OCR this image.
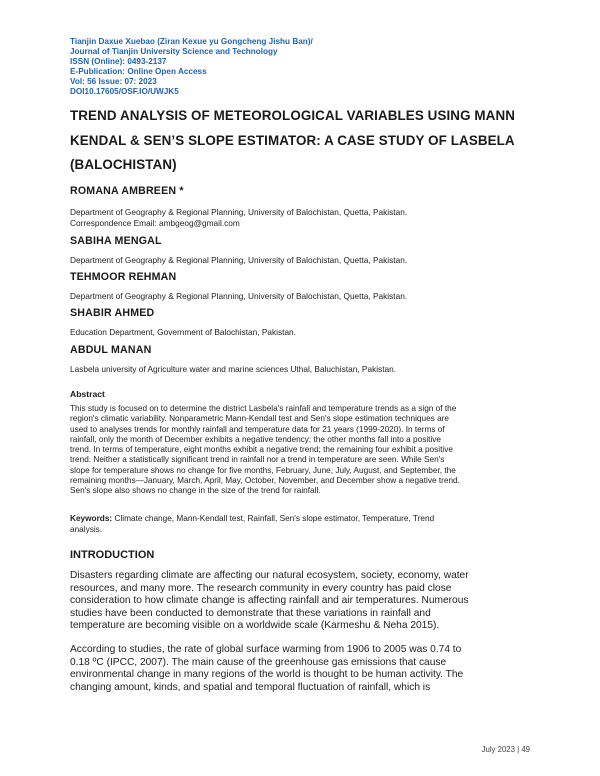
Tianjin Daxue Xuebao (Ziran Kexue yu Gongcheng Jishu Ban)/
Journal of Tianjin University Science and Technology
ISSN (Online): 0493-2137
E-Publication: Online Open Access
Vol: 56 Issue: 07: 2023
DOI10.17605/OSF.IO/UWJK5
TREND ANALYSIS OF METEOROLOGICAL VARIABLES USING MANN
KENDAL & SEN’S SLOPE ESTIMATOR: A CASE STUDY OF LASBELA
(BALOCHISTAN)
ROMANA AMBREEN *
Department of Geography & Regional Planning, University of Balochistan, Quetta, Pakistan.
Correspondence Email: ambgeog@gmail.com
SABIHA MENGAL
Department of Geography & Regional Planning, University of Balochistan, Quetta, Pakistan.
TEHMOOR REHMAN
Department of Geography & Regional Planning, University of Balochistan, Quetta, Pakistan.
SHABIR AHMED
Education Department, Government of Balochistan, Pakistan.
ABDUL MANAN
Lasbela university of Agriculture water and marine sciences Uthal, Baluchistan, Pakistan.
Abstract
This study is focused on to determine the district Lasbela's rainfall and temperature trends as a sign of the
region's climatic variability. Nonparametric Mann-Kendall test and Sen's slope estimation techniques are
used to analyses trends for monthly rainfall and temperature data for 21 years (1999-2020). In terms of
rainfall, only the month of December exhibits a negative tendency; the other months fall into a positive
trend. In terms of temperature, eight months exhibit a negative trend; the remaining four exhibit a positive
trend. Neither a statistically significant trend in rainfall nor a trend in temperature are seen. While Sen's
slope for temperature shows no change for five months, February, June, July, August, and September, the
remaining months—January, March, April, May, October, November, and December show a negative trend.
Sen's slope also shows no change in the size of the trend for rainfall.
Keywords: Climate change, Mann-Kendall test, Rainfall, Sen's slope estimator, Temperature, Trend
analysis.
INTRODUCTION
Disasters regarding climate are affecting our natural ecosystem, society, economy, water
resources, and many more. The research community in every country has paid close
consideration to how climate change is affecting rainfall and air temperatures. Numerous
studies have been conducted to demonstrate that these variations in rainfall and
temperature are becoming visible on a worldwide scale (Karmeshu & Neha 2015).
According to studies, the rate of global surface warming from 1906 to 2005 was 0.74 to
0.18 ºC (IPCC, 2007). The main cause of the greenhouse gas emissions that cause
environmental change in many regions of the world is thought to be human activity. The
changing amount, kinds, and spatial and temporal fluctuation of rainfall, which is
July 2023 | 49
